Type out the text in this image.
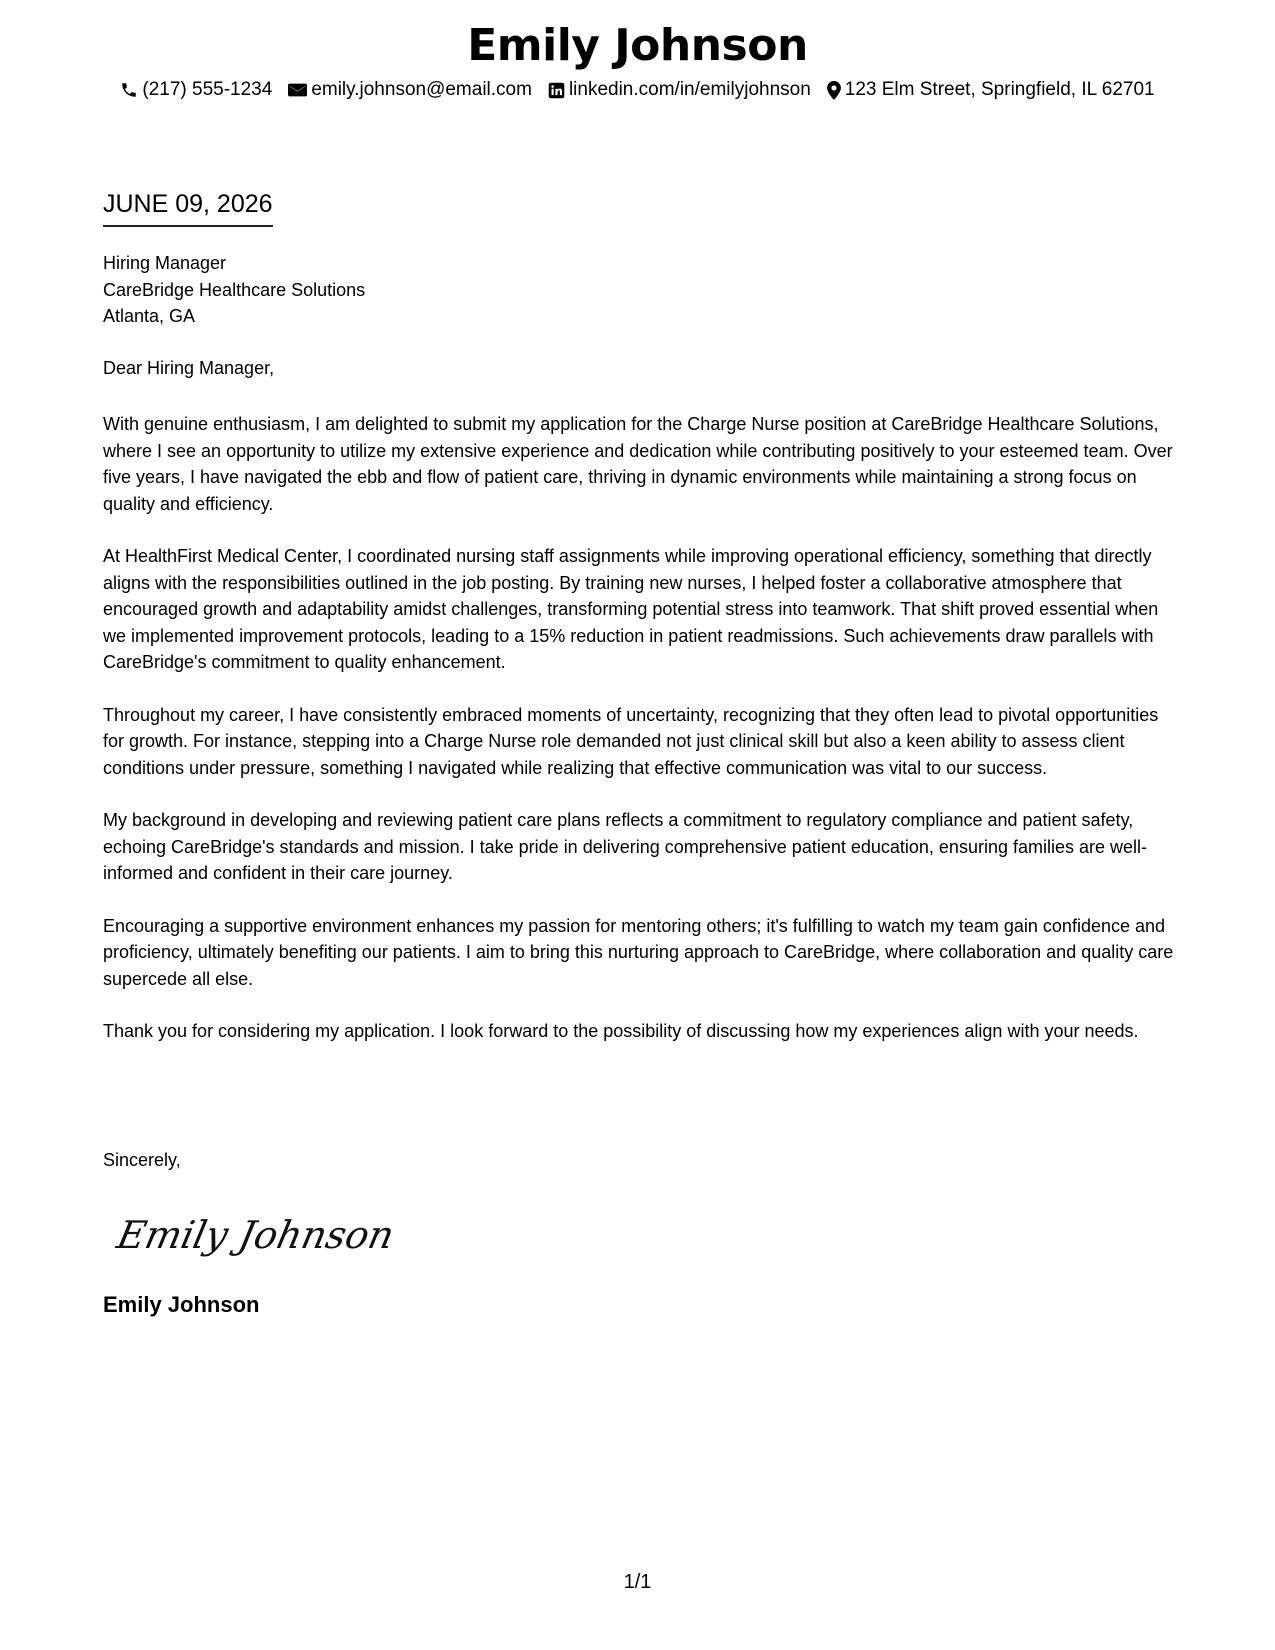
Emily Johnson
(217) 555-1234 emily.johnson@email.com linkedin.com/in/emilyjohnson 123 Elm Street, Springfield, IL 62701
JUNE 09, 2026
Hiring Manager
CareBridge Healthcare Solutions
Atlanta, GA
Dear Hiring Manager,

With genuine enthusiasm, I am delighted to submit my application for the Charge Nurse position at CareBridge Healthcare Solutions, where I see an opportunity to utilize my extensive experience and dedication while contributing positively to your esteemed team. Over five years, I have navigated the ebb and flow of patient care, thriving in dynamic environments while maintaining a strong focus on quality and efficiency.

At HealthFirst Medical Center, I coordinated nursing staff assignments while improving operational efficiency, something that directly aligns with the responsibilities outlined in the job posting. By training new nurses, I helped foster a collaborative atmosphere that encouraged growth and adaptability amidst challenges, transforming potential stress into teamwork. That shift proved essential when we implemented improvement protocols, leading to a 15% reduction in patient readmissions. Such achievements draw parallels with CareBridge's commitment to quality enhancement.

Throughout my career, I have consistently embraced moments of uncertainty, recognizing that they often lead to pivotal opportunities for growth. For instance, stepping into a Charge Nurse role demanded not just clinical skill but also a keen ability to assess client conditions under pressure, something I navigated while realizing that effective communication was vital to our success.

My background in developing and reviewing patient care plans reflects a commitment to regulatory compliance and patient safety, echoing CareBridge's standards and mission. I take pride in delivering comprehensive patient education, ensuring families are well-informed and confident in their care journey.

Encouraging a supportive environment enhances my passion for mentoring others; it's fulfilling to watch my team gain confidence and proficiency, ultimately benefiting our patients. I aim to bring this nurturing approach to CareBridge, where collaboration and quality care supercede all else.

Thank you for considering my application. I look forward to the possibility of discussing how my experiences align with your needs.

Sincerely,
Emily Johnson
Emily Johnson
1/1
